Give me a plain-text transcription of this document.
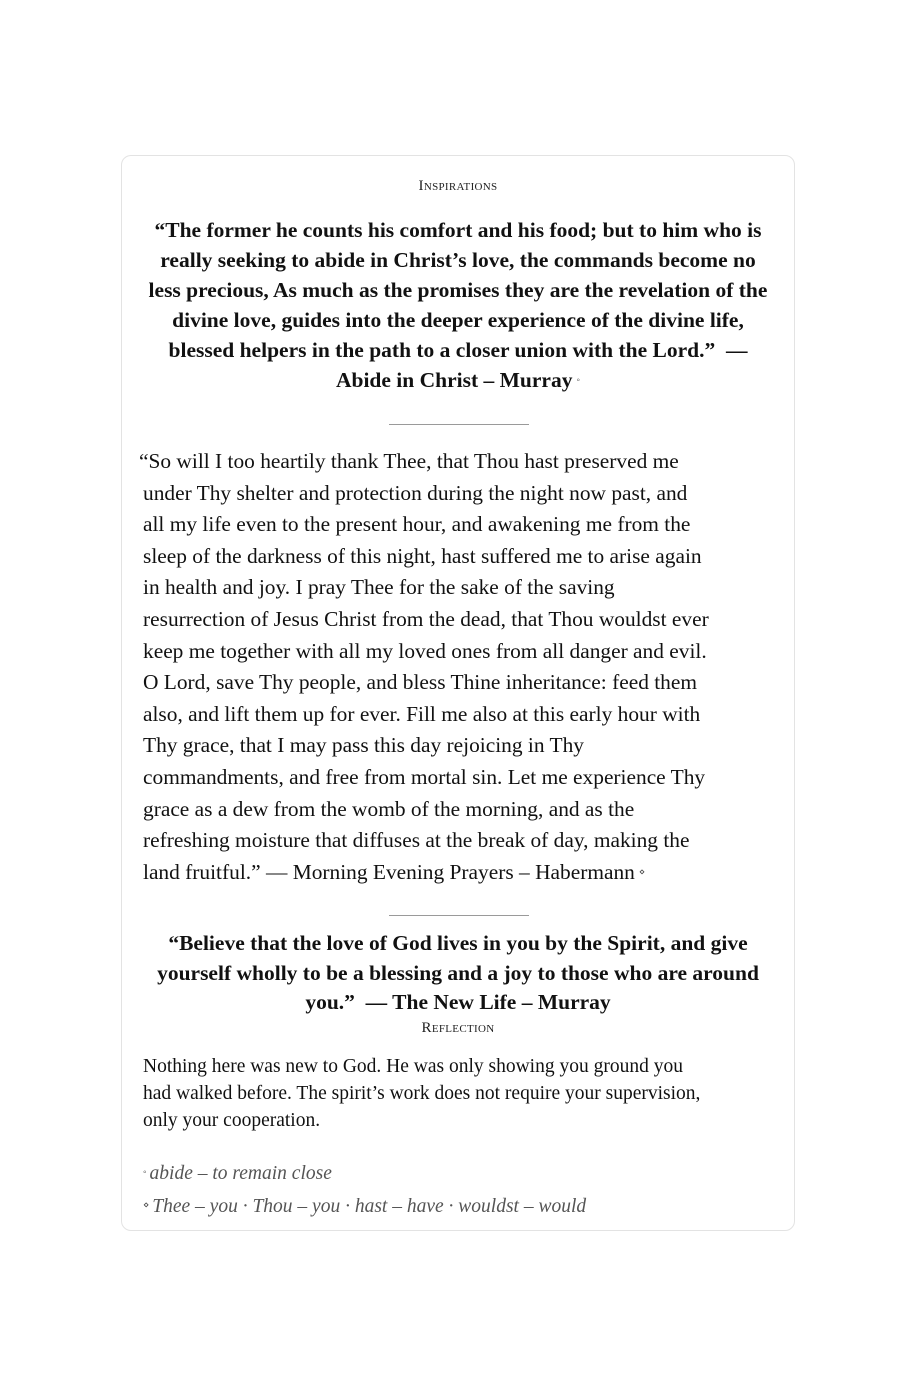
Inspirations
“The former he counts his comfort and his food; but to him who is really seeking to abide in Christ’s love, the commands become no less precious, As much as the promises they are the revelation of the divine love, guides into the deeper experience of the divine life, blessed helpers in the path to a closer union with the Lord.” — Abide in Christ – Murray ◦
“So will I too heartily thank Thee, that Thou hast preserved me
under Thy shelter and protection during the night now past, and
all my life even to the present hour, and awakening me from the
sleep of the darkness of this night, hast suffered me to arise again
in health and joy. I pray Thee for the sake of the saving
resurrection of Jesus Christ from the dead, that Thou wouldst ever
keep me together with all my loved ones from all danger and evil.
O Lord, save Thy people, and bless Thine inheritance: feed them
also, and lift them up for ever. Fill me also at this early hour with
Thy grace, that I may pass this day rejoicing in Thy
commandments, and free from mortal sin. Let me experience Thy
grace as a dew from the womb of the morning, and as the
refreshing moisture that diffuses at the break of day, making the
land fruitful.” — Morning Evening Prayers – Habermann ⋄
“Believe that the love of God lives in you by the Spirit, and give yourself wholly to be a blessing and a joy to those who are around you.” — The New Life – Murray
Reflection
Nothing here was new to God. He was only showing you ground you
had walked before. The spirit’s work does not require your supervision,
only your cooperation.
◦ abide – to remain close
⋄ Thee – you · Thou – you · hast – have · wouldst – would
